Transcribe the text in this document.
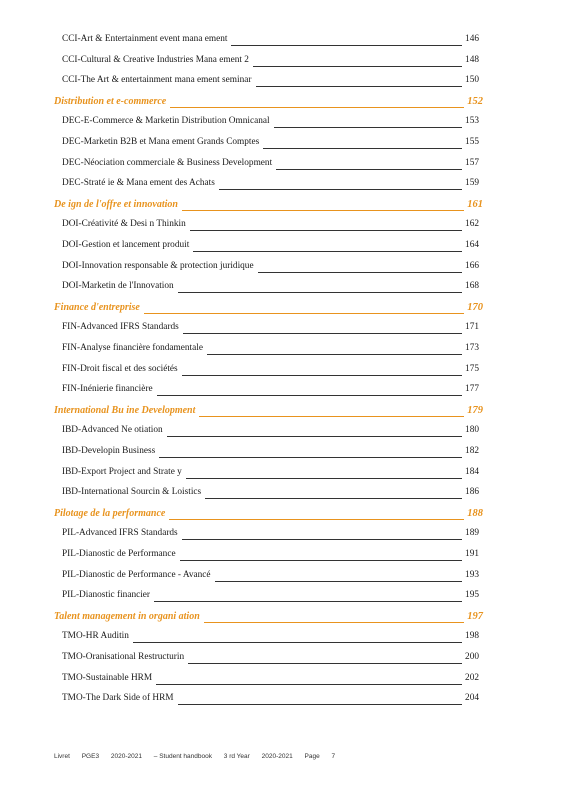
CCI-Art & Entertainment event mana ement	146
CCI-Cultural & Creative Industries Mana ement 2	148
CCI-The Art & entertainment mana ement seminar	150
Distribution et e-commerce	152
DEC-E-Commerce & Marketin Distribution Omnicanal	153
DEC-Marketin B2B et Mana ement Grands Comptes	155
DEC-Néociation commerciale & Business Development	157
DEC-Straté ie & Mana ement des Achats	159
De ign de l'offre et innovation	161
DOI-Créativité & Desi n Thinkin	162
DOI-Gestion et lancement produit	164
DOI-Innovation responsable & protection juridique	166
DOI-Marketin de l'Innovation	168
Finance d'entreprise	170
FIN-Advanced IFRS Standards	171
FIN-Analyse financière fondamentale	173
FIN-Droit fiscal et des sociétés	175
FIN-Inénierie financière	177
International Bu ine Development	179
IBD-Advanced Ne otiation	180
IBD-Developin Business	182
IBD-Export Project and Strate y	184
IBD-International Sourcin & Loistics	186
Pilotage de la performance	188
PIL-Advanced IFRS Standards	189
PIL-Dianostic de Performance	191
PIL-Dianostic de Performance - Avancé	193
PIL-Dianostic financier	195
Talent management in organi ation	197
TMO-HR Auditin	198
TMO-Oranisational Restructurin	200
TMO-Sustainable HRM	202
TMO-The Dark Side of HRM	204
Livret PGE3 2020-2021 – Student handbook 3 rd Year 2020-2021 Page 7
